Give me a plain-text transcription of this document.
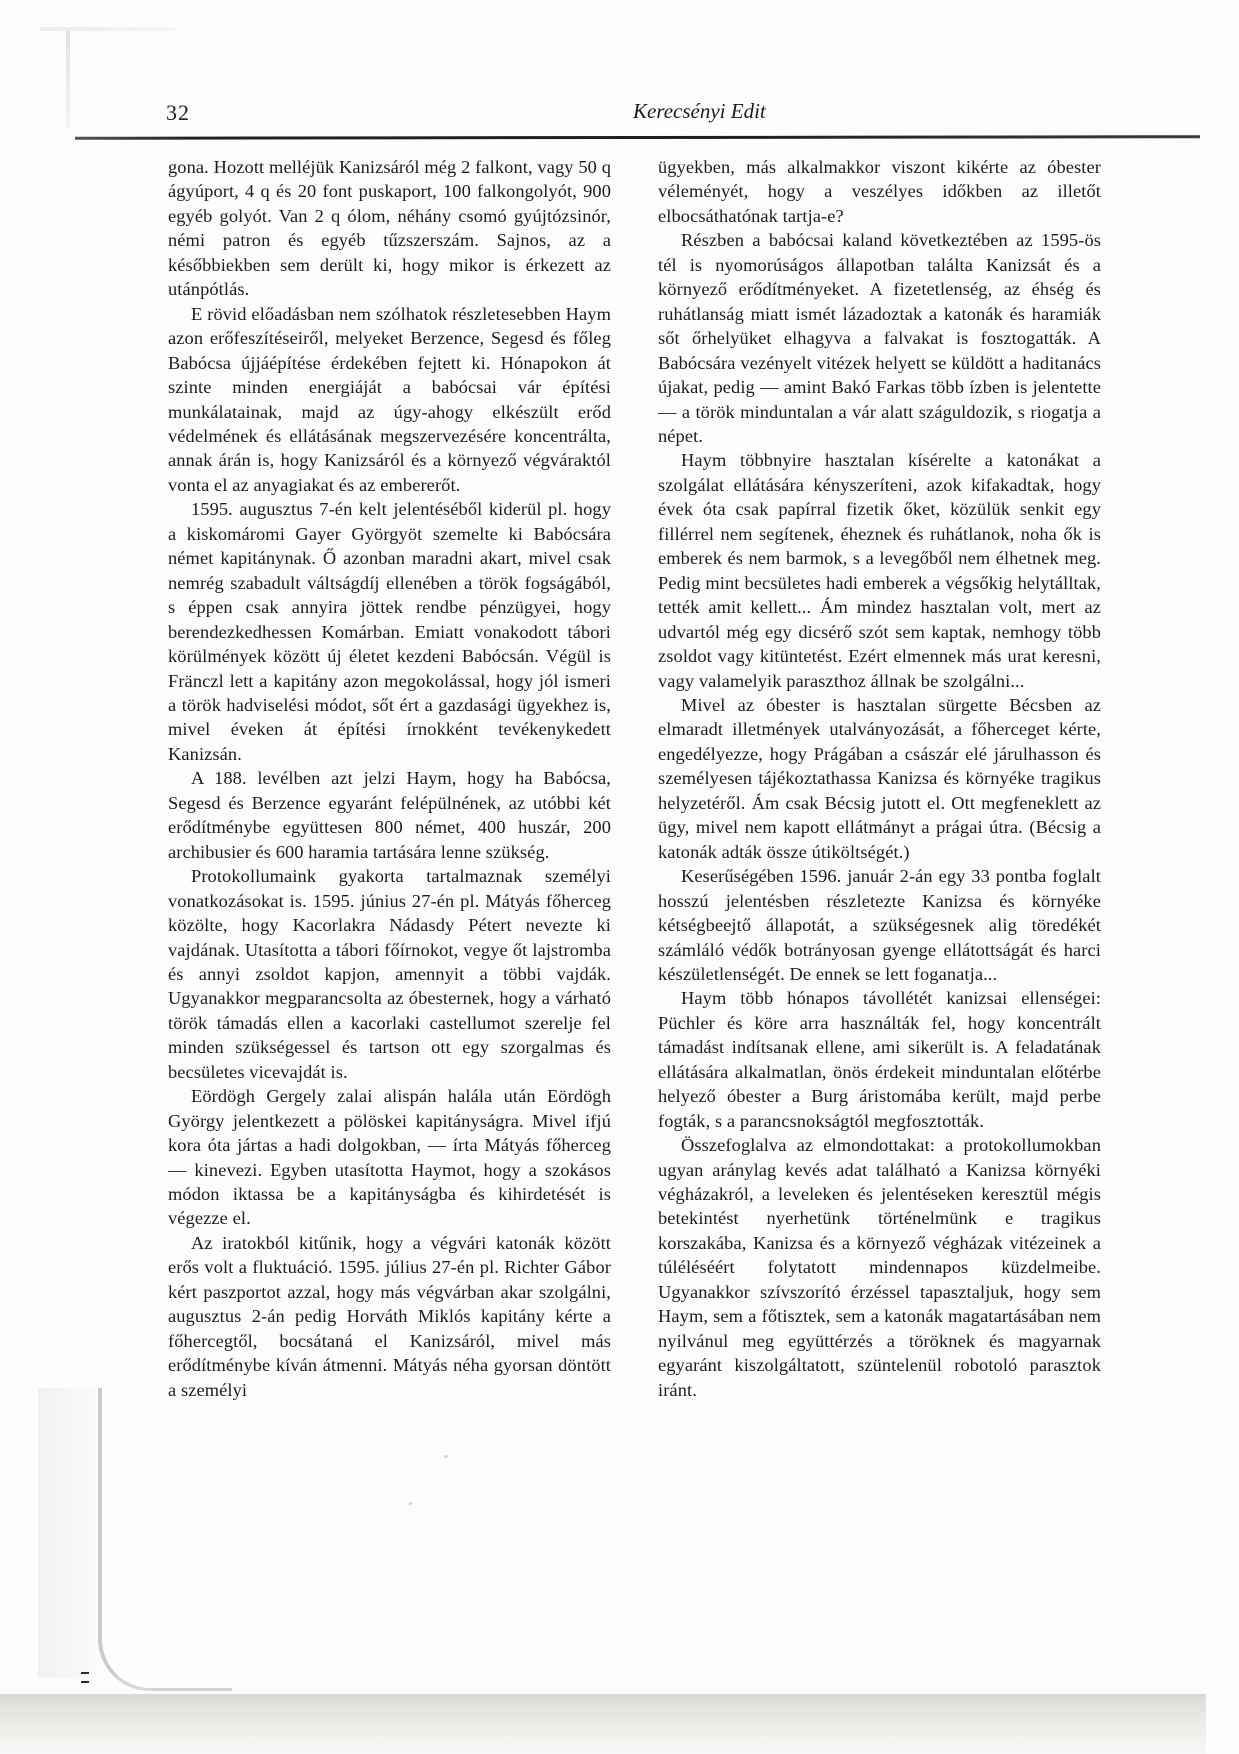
32	Kerecsényi Edit

gona. Hozott melléjük Kanizsáról még 2 falkont, vagy 50 q ágyúport, 4 q és 20 font puskaport, 100 falkongolyót, 900 egyéb golyót. Van 2 q ólom, néhány csomó gyújtózsinór, némi patron és egyéb tűzszerszám. Sajnos, az a későbbiekben sem derült ki, hogy mikor is érkezett az utánpótlás.

E rövid előadásban nem szólhatok részletesebben Haym azon erőfeszítéseiről, melyeket Berzence, Segesd és főleg Babócsa újjáépítése érdekében fejtett ki. Hónapokon át szinte minden energiáját a babócsai vár építési munkálatainak, majd az úgy-ahogy elkészült erőd védelmének és ellátásának megszervezésére koncentrálta, annak árán is, hogy Kanizsáról és a környező végváraktól vonta el az anyagiakat és az embererőt.

1595. augusztus 7-én kelt jelentéséből kiderül pl. hogy a kiskomáromi Gayer Györgyöt szemelte ki Babócsára német kapitánynak. Ő azonban maradni akart, mivel csak nemrég szabadult váltságdíj ellenében a török fogságából, s éppen csak annyira jöttek rendbe pénzügyei, hogy berendezkedhessen Komárban. Emiatt vonakodott tábori körülmények között új életet kezdeni Babócsán. Végül is Fränczl lett a kapitány azon megokolással, hogy jól ismeri a török hadviselési módot, sőt ért a gazdasági ügyekhez is, mivel éveken át építési írnokként tevékenykedett Kanizsán.

A 188. levélben azt jelzi Haym, hogy ha Babócsa, Segesd és Berzence egyaránt felépülnének, az utóbbi két erődítménybe együttesen 800 német, 400 huszár, 200 archibusier és 600 haramia tartására lenne szükség.

Protokollumaink gyakorta tartalmaznak személyi vonatkozásokat is. 1595. június 27-én pl. Mátyás főherceg közölte, hogy Kacorlakra Nádasdy Pétert nevezte ki vajdának. Utasította a tábori főírnokot, vegye őt lajstromba és annyi zsoldot kapjon, amennyit a többi vajdák. Ugyanakkor megparancsolta az óbesternek, hogy a várható török támadás ellen a kacorlaki castellumot szerelje fel minden szükségessel és tartson ott egy szorgalmas és becsületes vicevajdát is.

Eördögh Gergely zalai alispán halála után Eördögh György jelentkezett a pölöskei kapitányságra. Mivel ifjú kora óta jártas a hadi dolgokban, — írta Mátyás főherceg — kinevezi. Egyben utasította Haymot, hogy a szokásos módon iktassa be a kapitányságba és kihirdetését is végezze el.

Az iratokból kitűnik, hogy a végvári katonák között erős volt a fluktuáció. 1595. július 27-én pl. Richter Gábor kért paszportot azzal, hogy más végvárban akar szolgálni, augusztus 2-án pedig Horváth Miklós kapitány kérte a főhercegtől, bocsátaná el Kanizsáról, mivel más erődítménybe kíván átmenni. Mátyás néha gyorsan döntött a személyi

ügyekben, más alkalmakkor viszont kikérte az óbester véleményét, hogy a veszélyes időkben az illetőt elbocsáthatónak tartja-e?

Részben a babócsai kaland következtében az 1595-ös tél is nyomorúságos állapotban találta Kanizsát és a környező erődítményeket. A fizetetlenség, az éhség és ruhátlanság miatt ismét lázadoztak a katonák és haramiák sőt őrhelyüket elhagyva a falvakat is fosztogatták. A Babócsára vezényelt vitézek helyett se küldött a haditanács újakat, pedig — amint Bakó Farkas több ízben is jelentette — a török minduntalan a vár alatt száguldozik, s riogatja a népet.

Haym többnyire hasztalan kísérelte a katonákat a szolgálat ellátására kényszeríteni, azok kifakadtak, hogy évek óta csak papírral fizetik őket, közülük senkit egy fillérrel nem segítenek, éheznek és ruhátlanok, noha ők is emberek és nem barmok, s a levegőből nem élhetnek meg. Pedig mint becsületes hadi emberek a végsőkig helytálltak, tették amit kellett... Ám mindez hasztalan volt, mert az udvartól még egy dicsérő szót sem kaptak, nemhogy több zsoldot vagy kitüntetést. Ezért elmennek más urat keresni, vagy valamelyik paraszthoz állnak be szolgálni...

Mivel az óbester is hasztalan sürgette Bécsben az elmaradt illetmények utalványozását, a főherceget kérte, engedélyezze, hogy Prágában a császár elé járulhasson és személyesen tájékoztathassa Kanizsa és környéke tragikus helyzetéről. Ám csak Bécsig jutott el. Ott megfeneklett az ügy, mivel nem kapott ellátmányt a prágai útra. (Bécsig a katonák adták össze útiköltségét.)

Keserűségében 1596. január 2-án egy 33 pontba foglalt hosszú jelentésben részletezte Kanizsa és környéke kétségbeejtő állapotát, a szükségesnek alig töredékét számláló védők botrányosan gyenge ellátottságát és harci készületlenségét. De ennek se lett foganatja...

Haym több hónapos távollétét kanizsai ellenségei: Püchler és köre arra használták fel, hogy koncentrált támadást indítsanak ellene, ami sikerült is. A feladatának ellátására alkalmatlan, önös érdekeit minduntalan előtérbe helyező óbester a Burg áristomába került, majd perbe fogták, s a parancsnokságtól megfosztották.

Összefoglalva az elmondottakat: a protokollumokban ugyan aránylag kevés adat található a Kanizsa környéki végházakról, a leveleken és jelentéseken keresztül mégis betekintést nyerhetünk történelmünk e tragikus korszakába, Kanizsa és a környező végházak vitézeinek a túléléséért folytatott mindennapos küzdelmeibe. Ugyanakkor szívszorító érzéssel tapasztaljuk, hogy sem Haym, sem a főtisztek, sem a katonák magatartásában nem nyilvánul meg együttérzés a töröknek és magyarnak egyaránt kiszolgáltatott, szüntelenül robotoló parasztok iránt.
